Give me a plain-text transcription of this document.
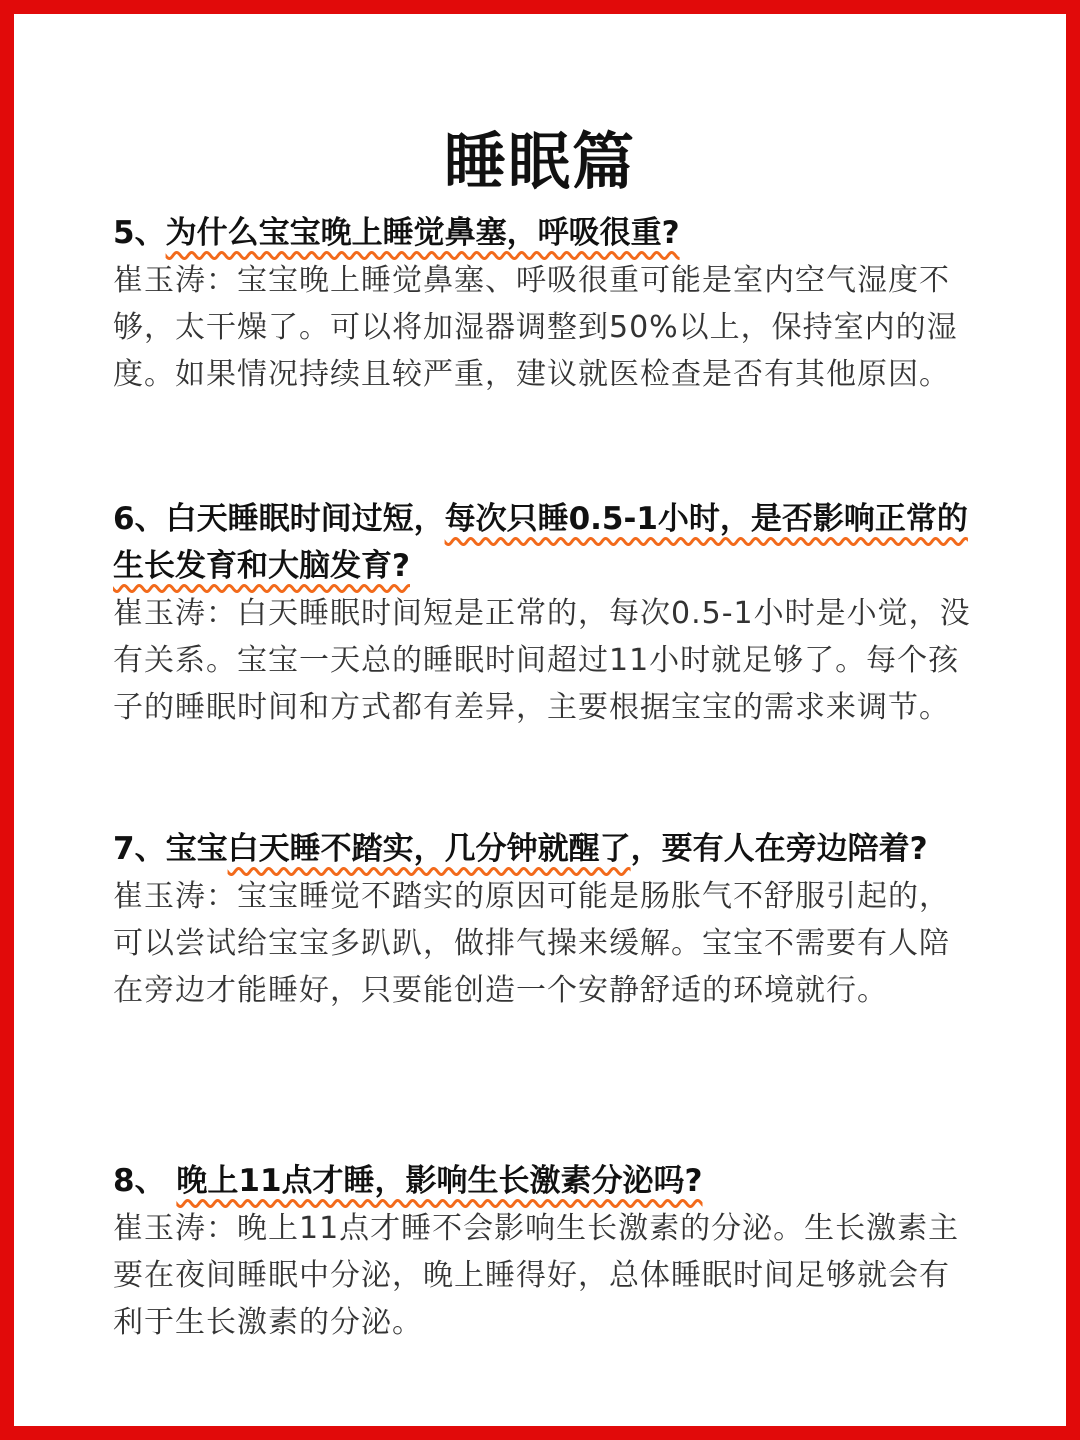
睡眠篇

5、为什么宝宝晚上睡觉鼻塞，呼吸很重?

崔玉涛：宝宝晚上睡觉鼻塞、呼吸很重可能是室内空气湿度不够，太干燥了。可以将加湿器调整到50%以上，保持室内的湿度。如果情况持续且较严重，建议就医检查是否有其他原因。

6、白天睡眠时间过短，每次只睡0.5-1小时，是否影响正常的生长发育和大脑发育?

崔玉涛：白天睡眠时间短是正常的，每次0.5-1小时是小觉，没有关系。宝宝一天总的睡眠时间超过11小时就足够了。每个孩子的睡眠时间和方式都有差异，主要根据宝宝的需求来调节。

7、宝宝白天睡不踏实，几分钟就醒了，要有人在旁边陪着?

崔玉涛：宝宝睡觉不踏实的原因可能是肠胀气不舒服引起的，可以尝试给宝宝多趴趴，做排气操来缓解。宝宝不需要有人陪在旁边才能睡好，只要能创造一个安静舒适的环境就行。

8、 晚上11点才睡，影响生长激素分泌吗?

崔玉涛：晚上11点才睡不会影响生长激素的分泌。生长激素主要在夜间睡眠中分泌，晚上睡得好，总体睡眠时间足够就会有利于生长激素的分泌。
